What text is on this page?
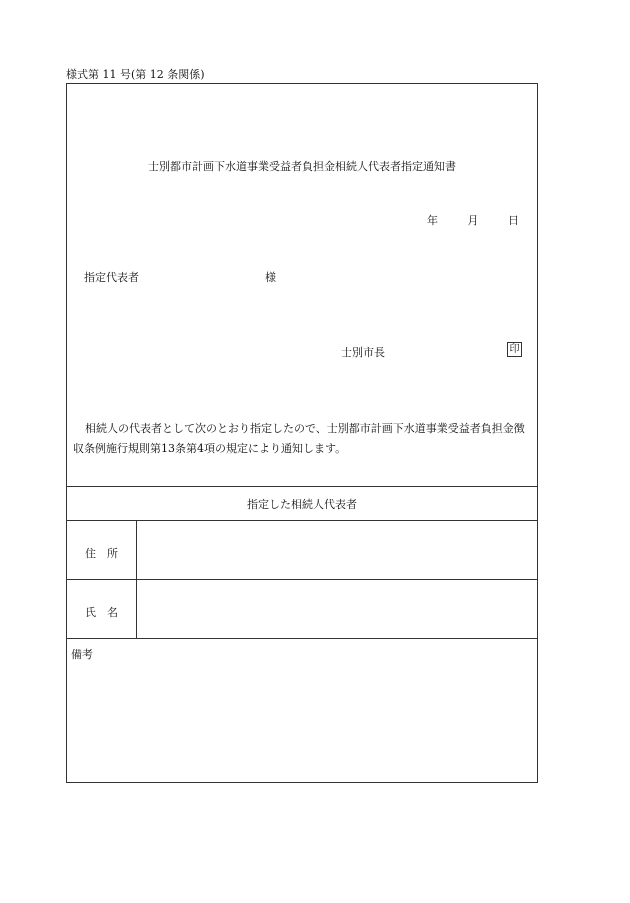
様式第 11 号(第 12 条関係)
士別都市計画下水道事業受益者負担金相続人代表者指定通知書
年	月	日
指定代表者	様
士別市長	印
相続人の代表者として次のとおり指定したので、士別都市計画下水道事業受益者負担金徴収条例施行規則第13条第4項の規定により通知します。
指定した相続人代表者
住　所
氏　名
備考
